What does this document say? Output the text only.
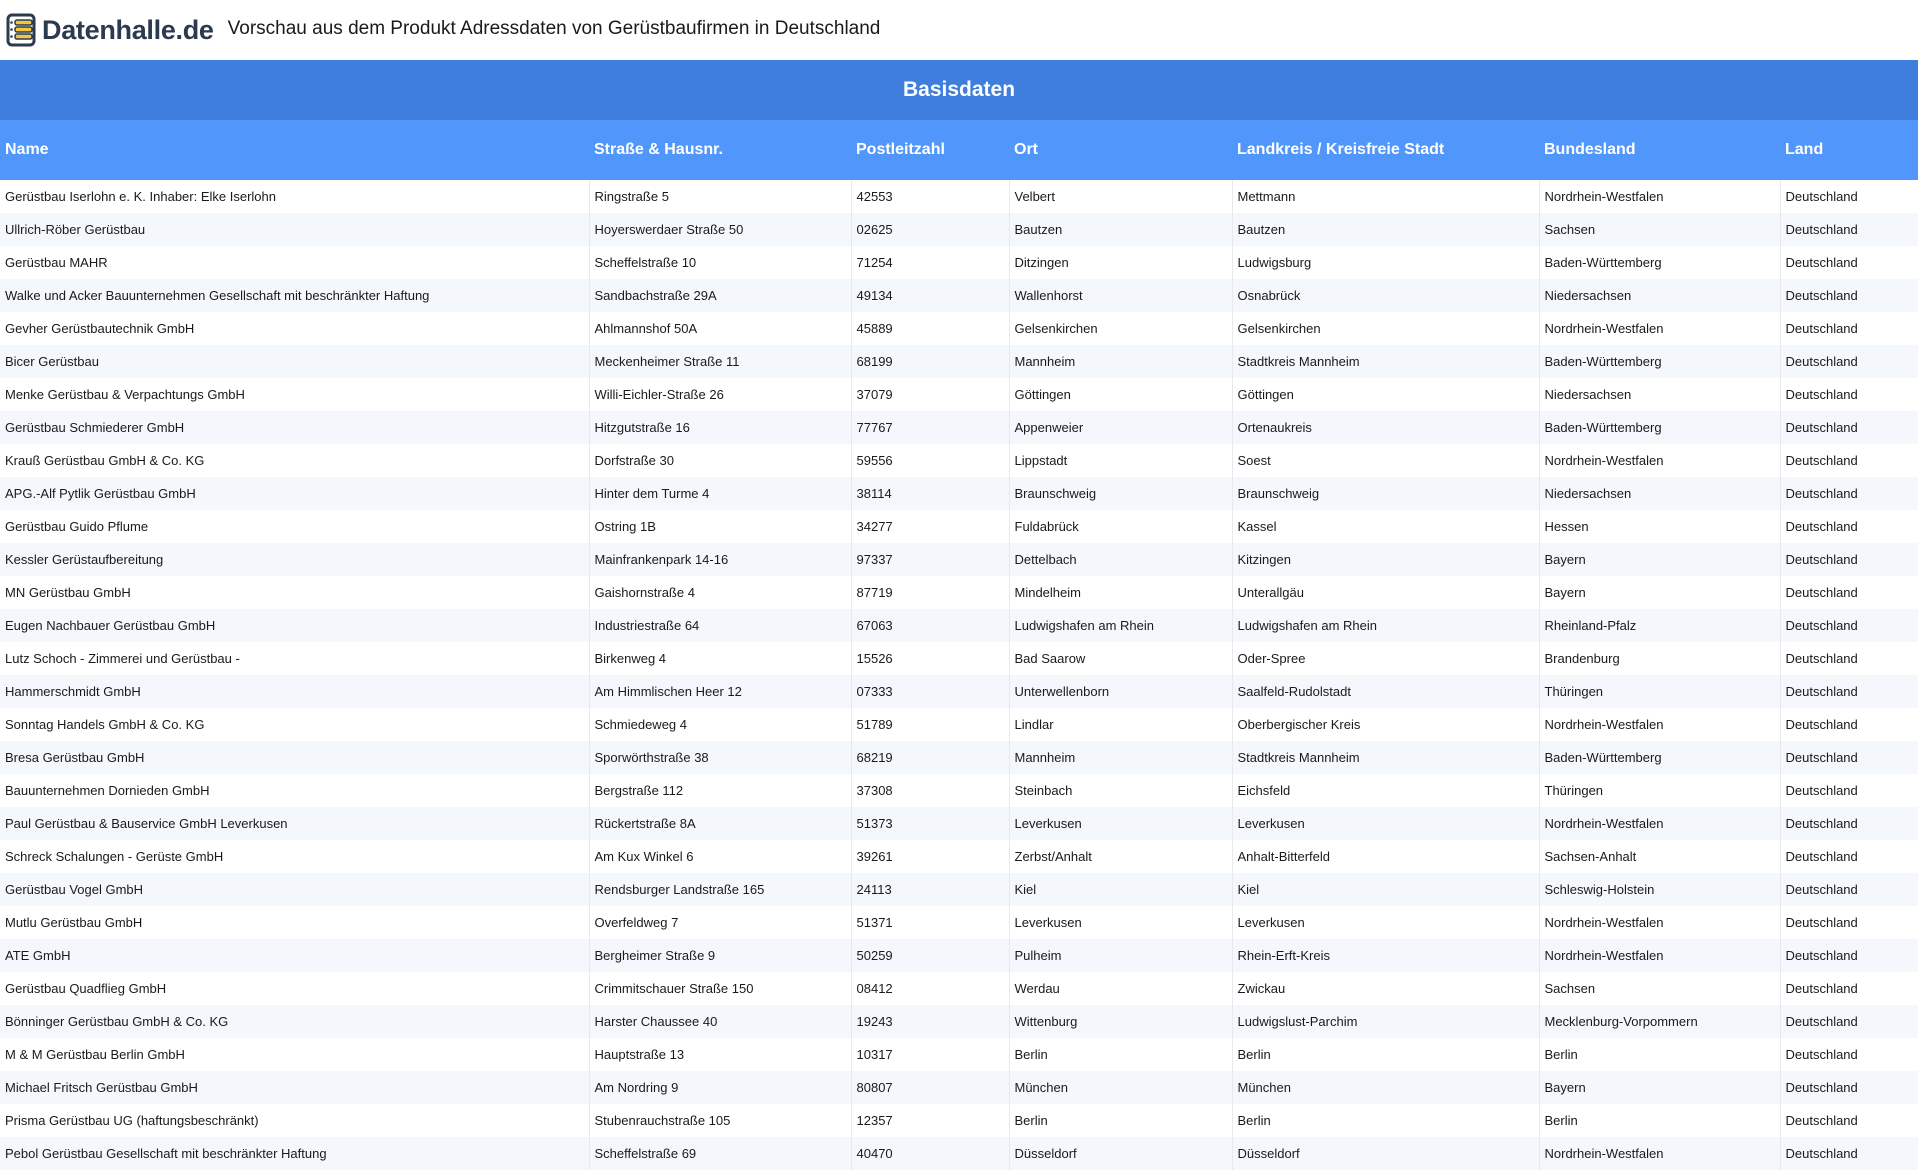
Datenhalle.de Vorschau aus dem Produkt Adressdaten von Gerüstbaufirmen in Deutschland
Basisdaten						
Name	Straße & Hausnr.	Postleitzahl	Ort	Landkreis / Kreisfreie Stadt	Bundesland	Land
Gerüstbau Iserlohn e. K. Inhaber: Elke Iserlohn	Ringstraße 5	42553	Velbert	Mettmann	Nordrhein-Westfalen	Deutschland
Ullrich-Röber Gerüstbau	Hoyerswerdaer Straße 50	02625	Bautzen	Bautzen	Sachsen	Deutschland
Gerüstbau MAHR	Scheffelstraße 10	71254	Ditzingen	Ludwigsburg	Baden-Württemberg	Deutschland
Walke und Acker Bauunternehmen Gesellschaft mit beschränkter Haftung	Sandbachstraße 29A	49134	Wallenhorst	Osnabrück	Niedersachsen	Deutschland
Gevher Gerüstbautechnik GmbH	Ahlmannshof 50A	45889	Gelsenkirchen	Gelsenkirchen	Nordrhein-Westfalen	Deutschland
Bicer Gerüstbau	Meckenheimer Straße 11	68199	Mannheim	Stadtkreis Mannheim	Baden-Württemberg	Deutschland
Menke Gerüstbau & Verpachtungs GmbH	Willi-Eichler-Straße 26	37079	Göttingen	Göttingen	Niedersachsen	Deutschland
Gerüstbau Schmiederer GmbH	Hitzgutstraße 16	77767	Appenweier	Ortenaukreis	Baden-Württemberg	Deutschland
Krauß Gerüstbau GmbH & Co. KG	Dorfstraße 30	59556	Lippstadt	Soest	Nordrhein-Westfalen	Deutschland
APG.-Alf Pytlik Gerüstbau GmbH	Hinter dem Turme 4	38114	Braunschweig	Braunschweig	Niedersachsen	Deutschland
Gerüstbau Guido Pflume	Ostring 1B	34277	Fuldabrück	Kassel	Hessen	Deutschland
Kessler Gerüstaufbereitung	Mainfrankenpark 14-16	97337	Dettelbach	Kitzingen	Bayern	Deutschland
MN Gerüstbau GmbH	Gaishornstraße 4	87719	Mindelheim	Unterallgäu	Bayern	Deutschland
Eugen Nachbauer Gerüstbau GmbH	Industriestraße 64	67063	Ludwigshafen am Rhein	Ludwigshafen am Rhein	Rheinland-Pfalz	Deutschland
Lutz Schoch - Zimmerei und Gerüstbau -	Birkenweg 4	15526	Bad Saarow	Oder-Spree	Brandenburg	Deutschland
Hammerschmidt GmbH	Am Himmlischen Heer 12	07333	Unterwellenborn	Saalfeld-Rudolstadt	Thüringen	Deutschland
Sonntag Handels GmbH & Co. KG	Schmiedeweg 4	51789	Lindlar	Oberbergischer Kreis	Nordrhein-Westfalen	Deutschland
Bresa Gerüstbau GmbH	Sporwörthstraße 38	68219	Mannheim	Stadtkreis Mannheim	Baden-Württemberg	Deutschland
Bauunternehmen Dornieden GmbH	Bergstraße 112	37308	Steinbach	Eichsfeld	Thüringen	Deutschland
Paul Gerüstbau & Bauservice GmbH Leverkusen	Rückertstraße 8A	51373	Leverkusen	Leverkusen	Nordrhein-Westfalen	Deutschland
Schreck Schalungen - Gerüste GmbH	Am Kux Winkel 6	39261	Zerbst/Anhalt	Anhalt-Bitterfeld	Sachsen-Anhalt	Deutschland
Gerüstbau Vogel GmbH	Rendsburger Landstraße 165	24113	Kiel	Kiel	Schleswig-Holstein	Deutschland
Mutlu Gerüstbau GmbH	Overfeldweg 7	51371	Leverkusen	Leverkusen	Nordrhein-Westfalen	Deutschland
ATE GmbH	Bergheimer Straße 9	50259	Pulheim	Rhein-Erft-Kreis	Nordrhein-Westfalen	Deutschland
Gerüstbau Quadflieg GmbH	Crimmitschauer Straße 150	08412	Werdau	Zwickau	Sachsen	Deutschland
Bönninger Gerüstbau GmbH & Co. KG	Harster Chaussee 40	19243	Wittenburg	Ludwigslust-Parchim	Mecklenburg-Vorpommern	Deutschland
M & M Gerüstbau Berlin GmbH	Hauptstraße 13	10317	Berlin	Berlin	Berlin	Deutschland
Michael Fritsch Gerüstbau GmbH	Am Nordring 9	80807	München	München	Bayern	Deutschland
Prisma Gerüstbau UG (haftungsbeschränkt)	Stubenrauchstraße 105	12357	Berlin	Berlin	Berlin	Deutschland
Pebol Gerüstbau Gesellschaft mit beschränkter Haftung	Scheffelstraße 69	40470	Düsseldorf	Düsseldorf	Nordrhein-Westfalen	Deutschland
